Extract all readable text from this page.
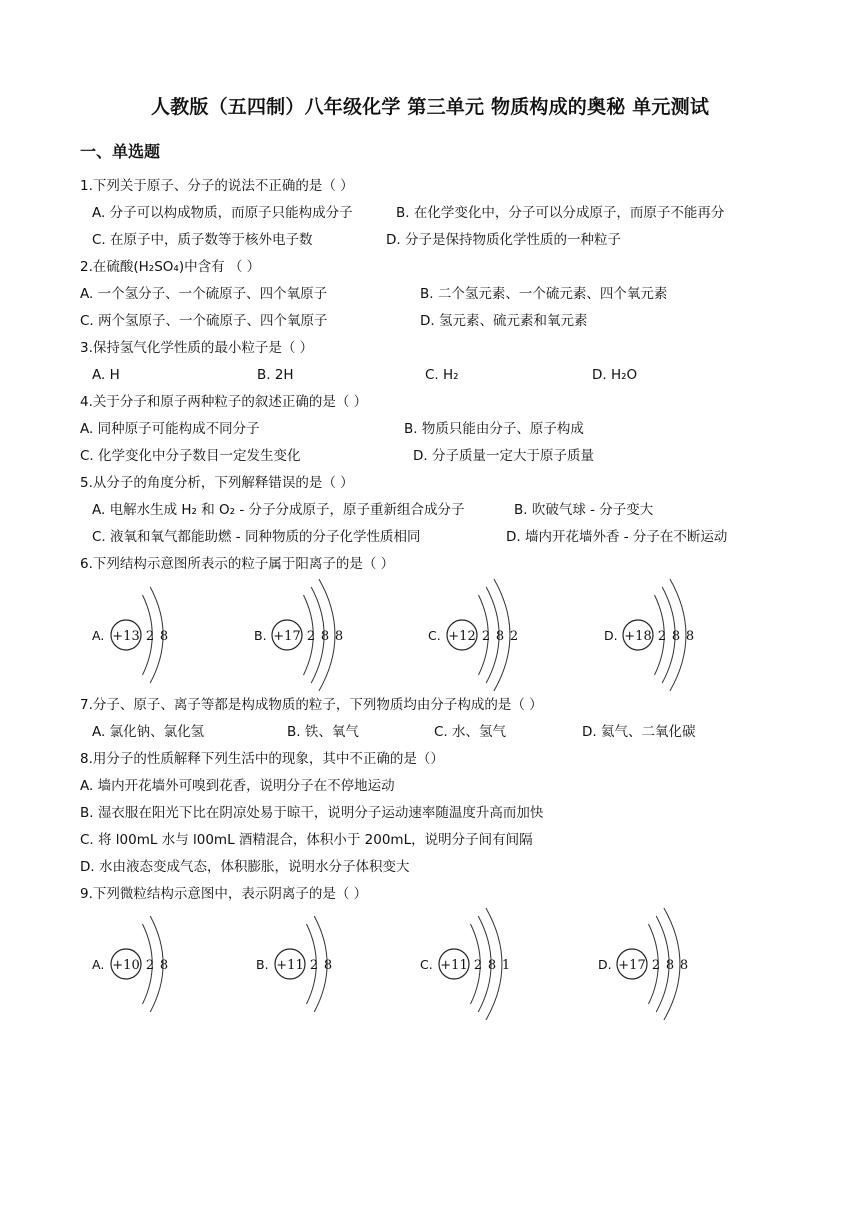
人教版（五四制）八年级化学 第三单元 物质构成的奥秘 单元测试
一、单选题
1.下列关于原子、分子的说法不正确的是（ ）
A. 分子可以构成物质，而原子只能构成分子	B. 在化学变化中，分子可以分成原子，而原子不能再分
C. 在原子中，质子数等于核外电子数	D. 分子是保持物质化学性质的一种粒子
2.在硫酸(H₂SO₄)中含有 （ ）
A. 一个氢分子、一个硫原子、四个氧原子	B. 二个氢元素、一个硫元素、四个氧元素
C. 两个氢原子、一个硫原子、四个氧原子	D. 氢元素、硫元素和氧元素
3.保持氢气化学性质的最小粒子是（ ）
A. H	B. 2H	C. H₂	D. H₂O
4.关于分子和原子两种粒子的叙述正确的是（ ）
A. 同种原子可能构成不同分子	B. 物质只能由分子、原子构成
C. 化学变化中分子数目一定发生变化	D. 分子质量一定大于原子质量
5.从分子的角度分析，下列解释错误的是（ ）
A. 电解水生成 H₂ 和 O₂ - 分子分成原子，原子重新组合成分子	B. 吹破气球 - 分子变大
C. 液氧和氧气都能助燃 - 同种物质的分子化学性质相同	D. 墙内开花墙外香 - 分子在不断运动
6.下列结构示意图所表示的粒子属于阳离子的是（ ）
A. +13 2 8	B. +17 2 8 8	C. +12 2 8 2	D. +18 2 8 8
7.分子、原子、离子等都是构成物质的粒子，下列物质均由分子构成的是（ ）
A. 氯化钠、氯化氢	B. 铁、氧气	C. 水、氢气	D. 氦气、二氧化碳
8.用分子的性质解释下列生活中的现象，其中不正确的是（）
A. 墙内开花墙外可嗅到花香，说明分子在不停地运动
B. 湿衣服在阳光下比在阴凉处易于晾干，说明分子运动速率随温度升高而加快
C. 将 l00mL 水与 l00mL 酒精混合，体积小于 200mL，说明分子间有间隔
D. 水由液态变成气态，体积膨胀，说明水分子体积变大
9.下列微粒结构示意图中，表示阴离子的是（ ）
A. +10 2 8	B. +11 2 8	C. +11 2 8 1	D. +17 2 8 8
